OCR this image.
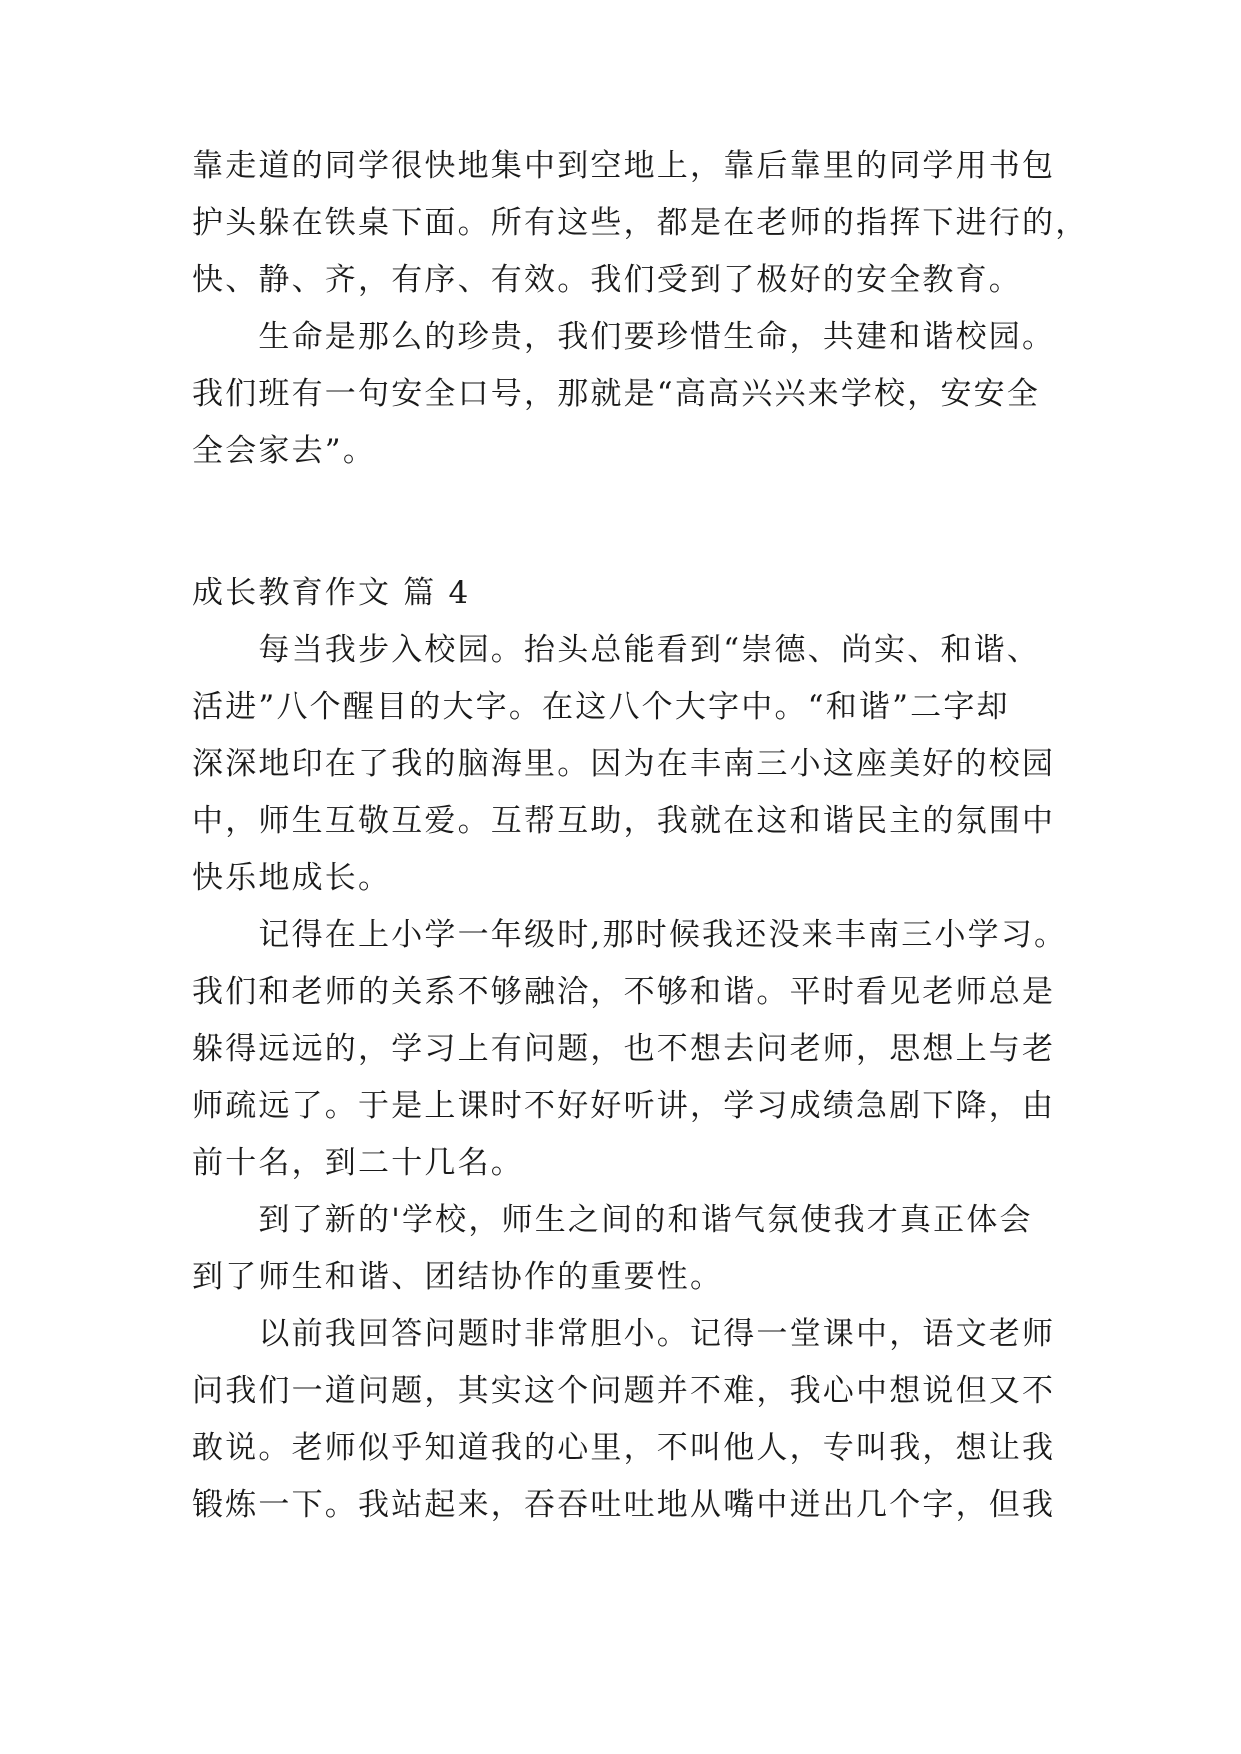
靠走道的同学很快地集中到空地上，靠后靠里的同学用书包
护头躲在铁桌下面。所有这些，都是在老师的指挥下进行的，
快、静、齐，有序、有效。我们受到了极好的安全教育。
　　生命是那么的珍贵，我们要珍惜生命，共建和谐校园。
我们班有一句安全口号，那就是“高高兴兴来学校，安安全
全会家去”。
成长教育作文 篇 4
　　每当我步入校园。抬头总能看到“崇德、尚实、和谐、
活进”八个醒目的大字。在这八个大字中。“和谐”二字却
深深地印在了我的脑海里。因为在丰南三小这座美好的校园
中，师生互敬互爱。互帮互助，我就在这和谐民主的氛围中
快乐地成长。
　　记得在上小学一年级时,那时候我还没来丰南三小学习。
我们和老师的关系不够融洽，不够和谐。平时看见老师总是
躲得远远的，学习上有问题，也不想去问老师，思想上与老
师疏远了。于是上课时不好好听讲，学习成绩急剧下降，由
前十名，到二十几名。
　　到了新的'学校，师生之间的和谐气氛使我才真正体会
到了师生和谐、团结协作的重要性。
　　以前我回答问题时非常胆小。记得一堂课中，语文老师
问我们一道问题，其实这个问题并不难，我心中想说但又不
敢说。老师似乎知道我的心里，不叫他人，专叫我，想让我
锻炼一下。我站起来，吞吞吐吐地从嘴中迸出几个字，但我
